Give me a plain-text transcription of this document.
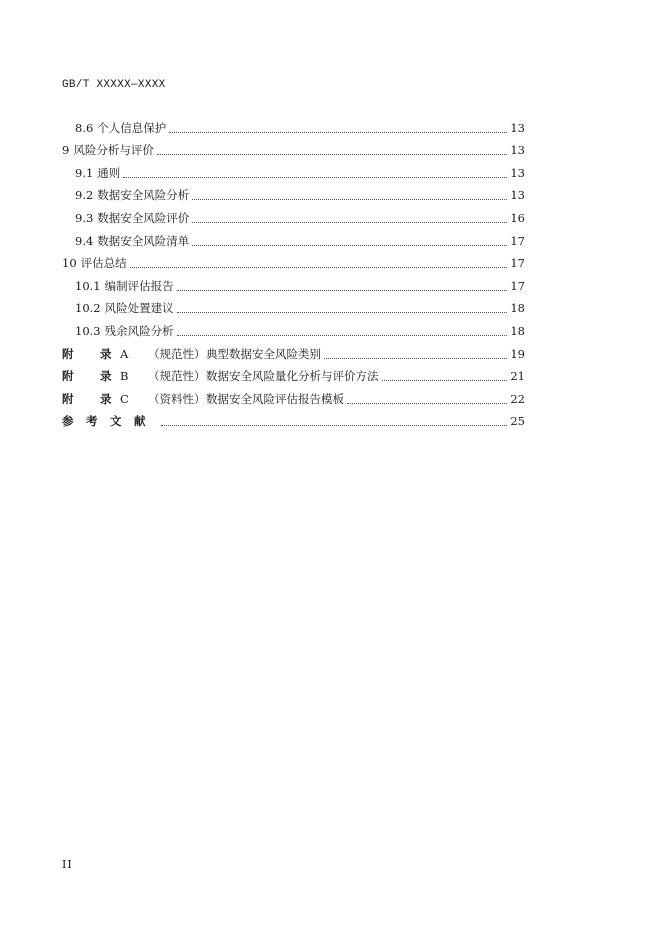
GB/T XXXXX—XXXX
8.6 个人信息保护	13
9 风险分析与评价	13
9.1 通则	13
9.2 数据安全风险分析	13
9.3 数据安全风险评价	16
9.4 数据安全风险清单	17
10 评估总结	17
10.1 编制评估报告	17
10.2 风险处置建议	18
10.3 残余风险分析	18
附	录 A	（规范性） 典型数据安全风险类别	19
附	录 B	（规范性） 数据安全风险量化分析与评价方法	21
附	录 C	（资料性） 数据安全风险评估报告模板	22
参	考	文	献	25
II
